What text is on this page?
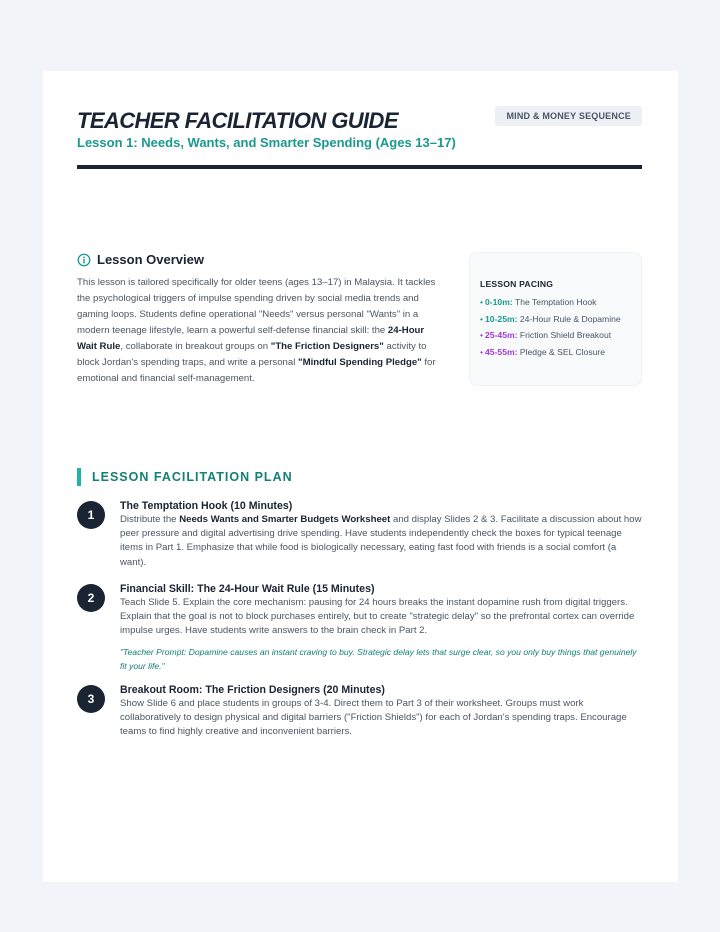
TEACHER FACILITATION GUIDE
Lesson 1: Needs, Wants, and Smarter Spending (Ages 13–17)
MIND & MONEY SEQUENCE
Lesson Overview
This lesson is tailored specifically for older teens (ages 13–17) in Malaysia. It tackles the psychological triggers of impulse spending driven by social media trends and gaming loops. Students define operational "Needs" versus personal "Wants" in a modern teenage lifestyle, learn a powerful self-defense financial skill: the 24-Hour Wait Rule, collaborate in breakout groups on "The Friction Designers" activity to block Jordan's spending traps, and write a personal "Mindful Spending Pledge" for emotional and financial self-management.
LESSON PACING
• 0-10m: The Temptation Hook
• 10-25m: 24-Hour Rule & Dopamine
• 25-45m: Friction Shield Breakout
• 45-55m: Pledge & SEL Closure
LESSON FACILITATION PLAN
1
The Temptation Hook (10 Minutes)
Distribute the Needs Wants and Smarter Budgets Worksheet and display Slides 2 & 3. Facilitate a discussion about how peer pressure and digital advertising drive spending. Have students independently check the boxes for typical teenage items in Part 1. Emphasize that while food is biologically necessary, eating fast food with friends is a social comfort (a want).
2
Financial Skill: The 24-Hour Wait Rule (15 Minutes)
Teach Slide 5. Explain the core mechanism: pausing for 24 hours breaks the instant dopamine rush from digital triggers. Explain that the goal is not to block purchases entirely, but to create "strategic delay" so the prefrontal cortex can override impulse urges. Have students write answers to the brain check in Part 2.
"Teacher Prompt: Dopamine causes an instant craving to buy. Strategic delay lets that surge clear, so you only buy things that genuinely fit your life."
3
Breakout Room: The Friction Designers (20 Minutes)
Show Slide 6 and place students in groups of 3-4. Direct them to Part 3 of their worksheet. Groups must work collaboratively to design physical and digital barriers ("Friction Shields") for each of Jordan's spending traps. Encourage teams to find highly creative and inconvenient barriers.
